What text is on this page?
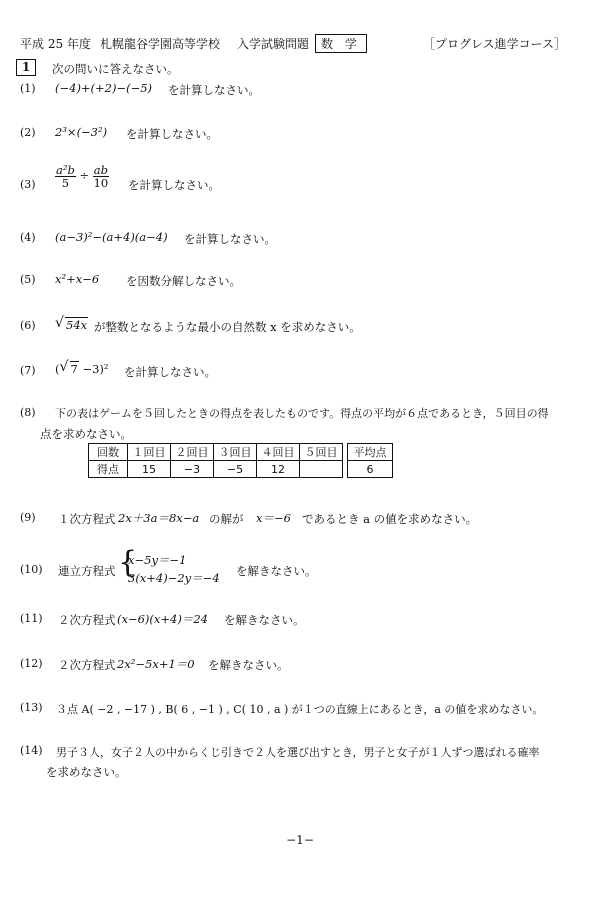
平成 25 年度 札幌龍谷学園高等学校 入学試験問題 数 学	［プログレス進学コース］
1	次の問いに答えなさい。
(1) (−4)+(+2)−(−5) を計算しなさい。
(2) 2³×(−3²) を計算しなさい。
$(3) \frac{\text{a²b}}{5} \div \frac{ab}{10}$ を計算しなさい。
(4) (a−3)²−(a+4)(a−4) を計算しなさい。
(5) x²+x−6 を因数分解しなさい。
(6) √ 54x が整数となるような最小の自然数 x を求めなさい。
(7) ( √ 7 −3)² を計算しなさい。
(8) 下の表はゲームを５回したときの得点を表したものです。得点の平均が６点であるとき，５回目の得
点を求めなさい。
回数	１回目	２回目	３回目	４回目	５回目		平均点
得点	15	−3	−5	12			6
(9) １次方程式 2x＋3a＝8x−a の解が x＝−6 であるとき a の値を求めなさい。
(10) 連立方程式 {
x−5y＝−1
3(x+4)−2y＝−4 を解きなさい。
(11) ２次方程式 (x−6)(x+4)＝24 を解きなさい。
(12) ２次方程式 2x²−5x+1＝0 を解きなさい。
(13) ３点 A( −2 , −17 ) , B( 6 , −1 ) , C( 10 , a ) が１つの直線上にあるとき，a の値を求めなさい。
(14) 男子３人，女子２人の中からくじ引きで２人を選び出すとき，男子と女子が１人ずつ選ばれる確率
を求めなさい。
−1−
